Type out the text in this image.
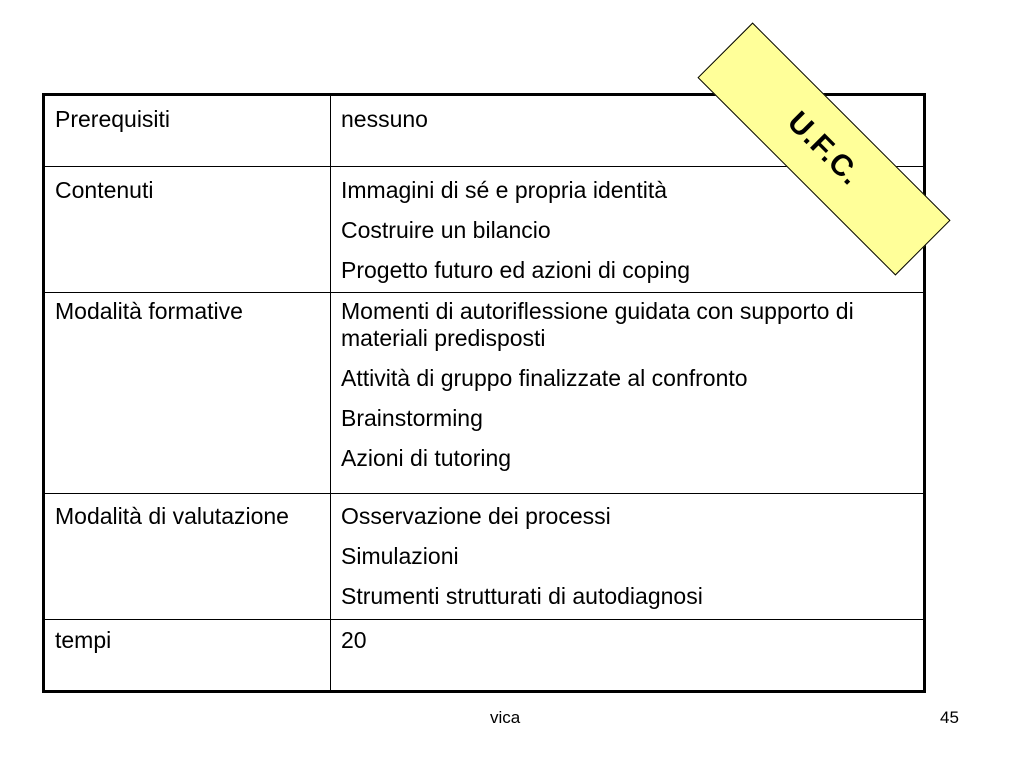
Prerequisiti	nessuno

Contenuti	Immagini di sé e propria identità
Costruire un bilancio
Progetto futuro ed azioni di coping

Modalità formative	Momenti di autoriflessione guidata con supporto di materiali predisposti
Attività di gruppo finalizzate al confronto
Brainstorming
Azioni di tutoring

Modalità di valutazione	Osservazione dei processi
Simulazioni
Strumenti strutturati di autodiagnosi

tempi	20
U.F.C.
vica	45
